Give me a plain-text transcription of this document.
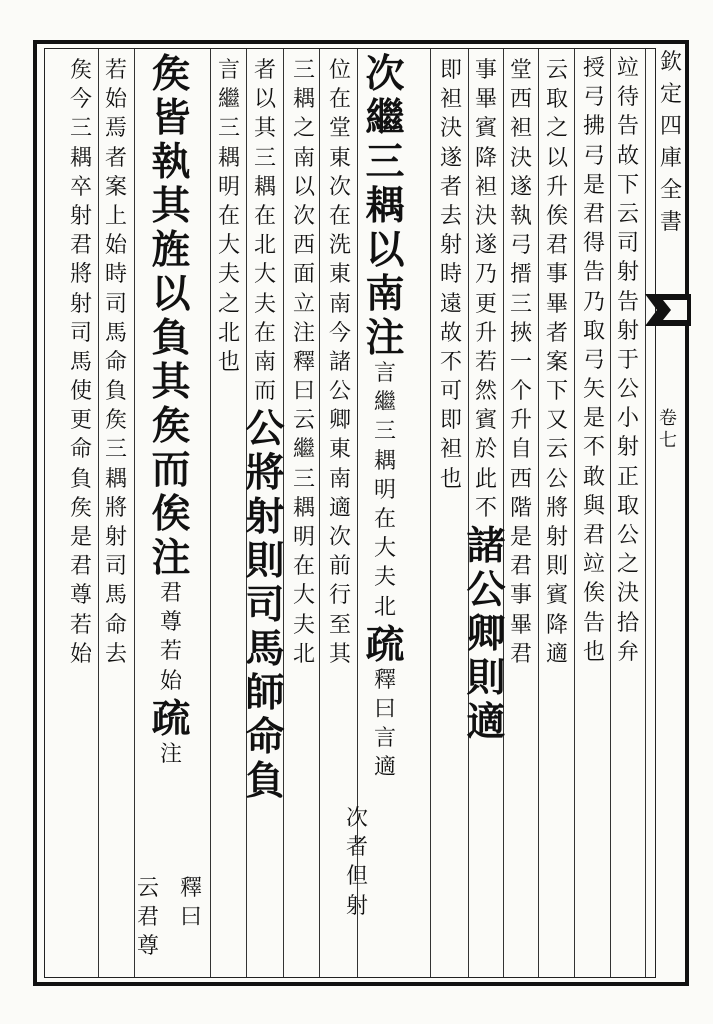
竝
待
告
故
下
云
司
射
告
射
于
公
小
射
正
取
公
之
決
拾
弁
授
弓
拂
弓
是
君
得
告
乃
取
弓
矢
是
不
敢
與
君
竝
俟
告
也
云
取
之
以
升
俟
君
事
畢
者
案
下
又
云
公
將
射
則
賓
降
適
堂
西
袒
決
遂
執
弓
搢
三
挾
一
个
升
自
西
階
是
君
事
畢
君
事
畢
賓
降
袒
決
遂
乃
更
升
若
然
賓
於
此
不
諸
公
卿
則
適
即
袒
決
遂
者
去
射
時
遠
故
不
可
即
袒
也
次
繼
三
耦
以
南
注
言
繼
三
耦
明
在
大
夫
北
疏
釋
曰
言
適
次
者
但
射
位
在
堂
東
次
在
洗
東
南
今
諸
公
卿
東
南
適
次
前
行
至
其
三
耦
之
南
以
次
西
面
立
注
釋
曰
云
繼
三
耦
明
在
大
夫
北
者
以
其
三
耦
在
北
大
夫
在
南
而
公
將
射
則
司
馬
師
命
負
言
繼
三
耦
明
在
大
夫
之
北
也
矦
皆
執
其
旌
以
負
其
矦
而
俟
注
君
尊
若
始
疏
注
云
君
尊
釋
曰
若
始
焉
者
案
上
始
時
司
馬
命
負
矦
三
耦
將
射
司
馬
命
去
矦
今
三
耦
卒
射
君
將
射
司
馬
使
更
命
負
矦
是
君
尊
若
始
欽
定
四
庫
全
書
卷
七
